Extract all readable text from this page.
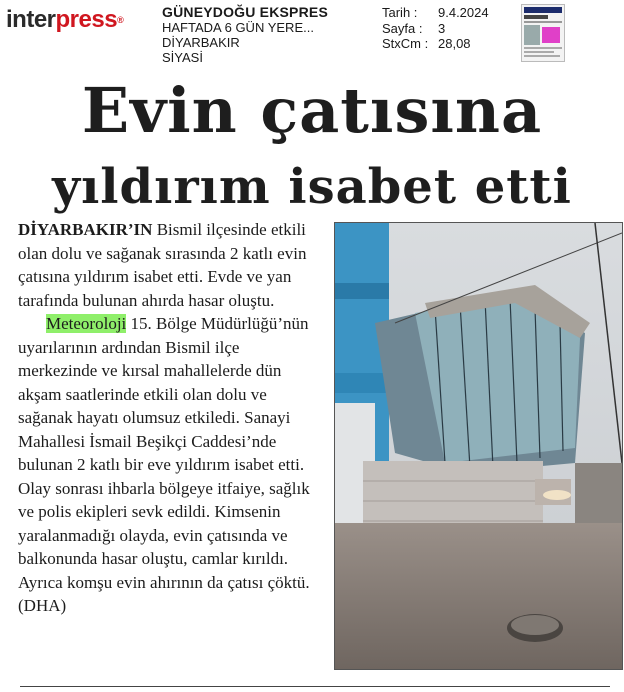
interpress®	GÜNEYDOĞU EKSPRES
HAFTADA 6 GÜN YERE...
DİYARBAKIR
SİYASİ
Tarih :	9.4.2024
Sayfa :	3
StxCm : 28,08
Evin çatısına
yıldırım isabet etti

DİYARBAKIR’IN Bismil ilçesinde etkili olan dolu ve sağanak sırasında 2 katlı evin çatısına yıldırım isabet etti. Evde ve yan tarafında bulunan ahırda hasar oluştu.

Meteoroloji 15. Bölge Müdürlüğü’nün uyarılarının ardından Bismil ilçe merkezinde ve kırsal mahallelerde dün akşam saatlerinde etkili olan dolu ve sağanak hayatı olumsuz etkiledi. Sanayi Mahallesi İsmail Beşikçi Caddesi’nde bulunan 2 katlı bir eve yıldırım isabet etti. Olay sonrası ihbarla bölgeye itfaiye, sağlık ve polis ekipleri sevk edildi. Kimsenin yaralanmadığı olayda, evin çatısında ve balkonunda hasar oluştu, camlar kırıldı. Ayrıca komşu evin ahırının da çatısı çöktü. (DHA)
